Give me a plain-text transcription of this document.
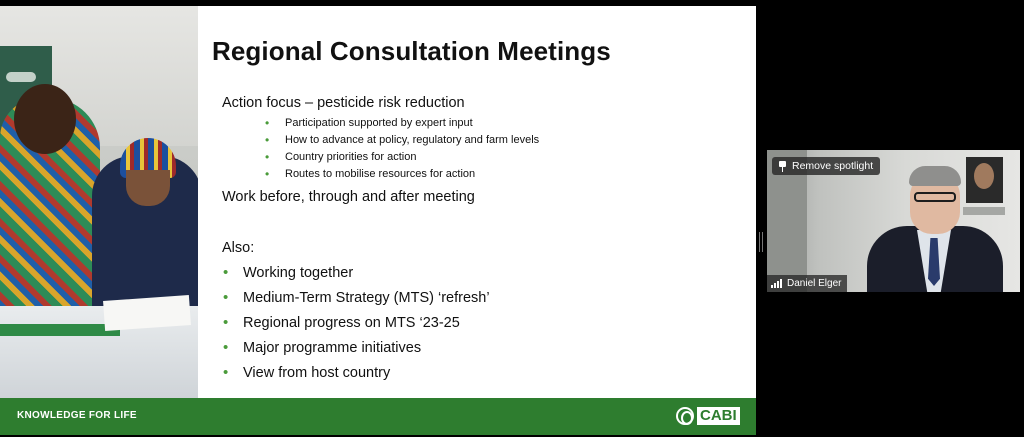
Regional Consultation Meetings
Action focus – pesticide risk reduction
• Participation supported by expert input
• How to advance at policy, regulatory and farm levels
• Country priorities for action
• Routes to mobilise resources for action
Work before, through and after meeting
Also:
• Working together
• Medium-Term Strategy (MTS) ‘refresh’
• Regional progress on MTS ‘23-25
• Major programme initiatives
• View from host country
KNOWLEDGE FOR LIFE	CABI
Remove spotlight
Daniel Elger
